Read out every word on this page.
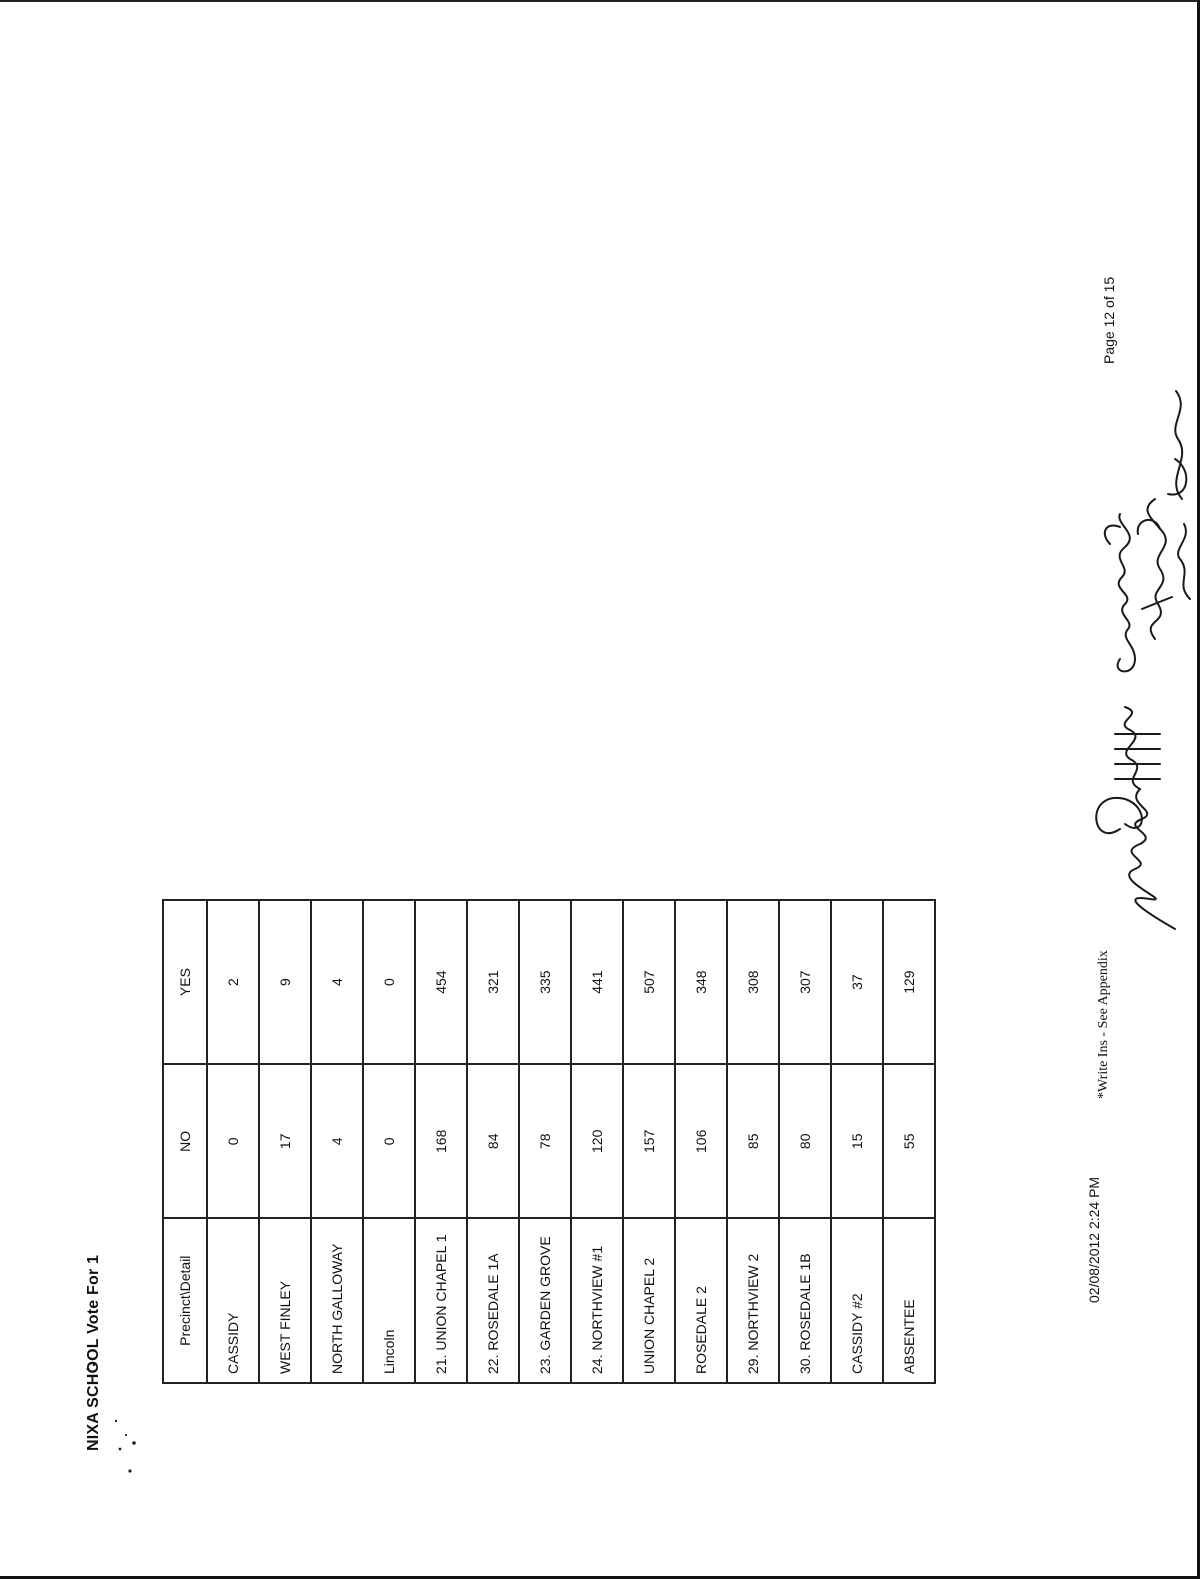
NIXA SCHOOL Vote For 1	Precinct\Detail	NO	YES
CASSIDY	0	2
WEST FINLEY	17	9
NORTH GALLOWAY	4	4
Lincoln	0	0
21. UNION CHAPEL 1	168	454
22. ROSEDALE 1A	84	321
23. GARDEN GROVE	78	335
24. NORTHVIEW #1	120	441
UNION CHAPEL 2	157	507
ROSEDALE 2	106	348
29. NORTHVIEW 2	85	308
30. ROSEDALE 1B	80	307
CASSIDY #2	15	37
ABSENTEE	55	129
02/08/2012 2:24 PM
*Write Ins - See Appendix
Page 12 of 15
